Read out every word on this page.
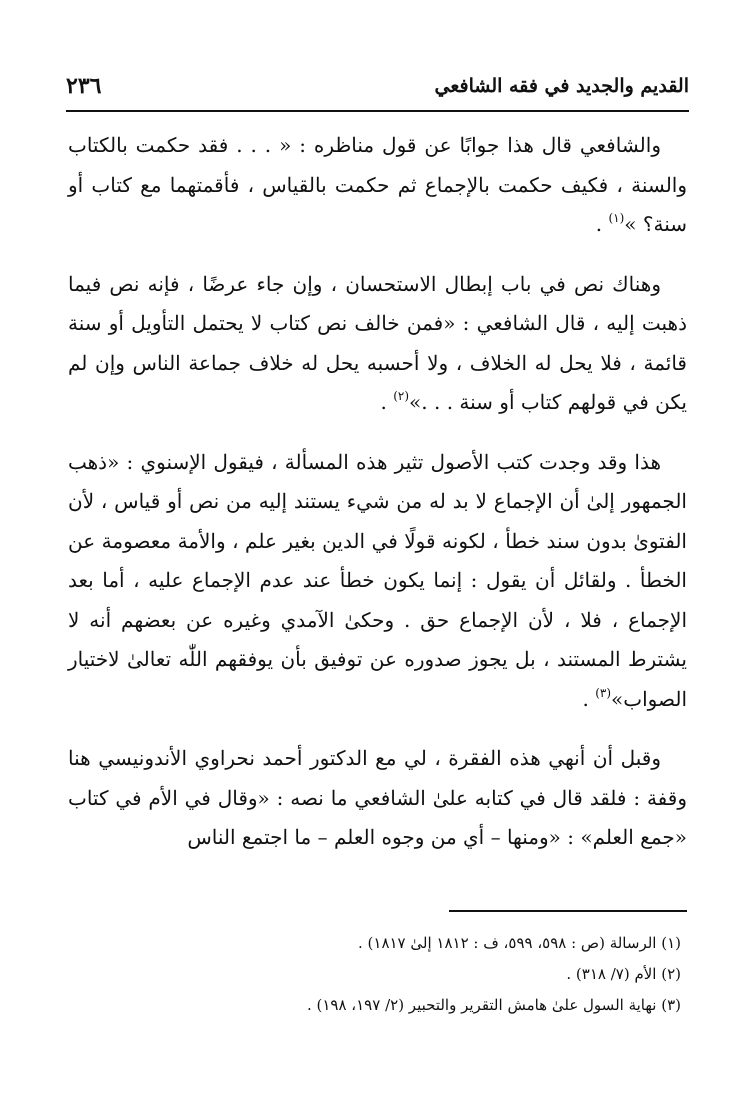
القديم والجديد في فقه الشافعي
٢٣٦

والشافعي قال هذا جوابًا عن قول مناظره : « . . . فقد حكمت بالكتاب والسنة ، فكيف حكمت بالإجماع ثم حكمت بالقياس ، فأقمتهما مع كتاب أو سنة؟ »$^{(١)}$ .

وهناك نص في باب إبطال الاستحسان ، وإن جاء عرضًا ، فإنه نص فيما ذهبت إليه ، قال الشافعي : «فمن خالف نص كتاب لا يحتمل التأويل أو سنة قائمة ، فلا يحل له الخلاف ، ولا أحسبه يحل له خلاف جماعة الناس وإن لم يكن في قولهم كتاب أو سنة . . .»$^{(٢)}$ .

هذا وقد وجدت كتب الأصول تثير هذه المسألة ، فيقول الإسنوي : «ذهب الجمهور إلىٰ أن الإجماع لا بد له من شيء يستند إليه من نص أو قياس ، لأن الفتوىٰ بدون سند خطأ ، لكونه قولًا في الدين بغير علم ، والأمة معصومة عن الخطأ . ولقائل أن يقول : إنما يكون خطأ عند عدم الإجماع عليه ، أما بعد الإجماع ، فلا ، لأن الإجماع حق . وحكىٰ الآمدي وغيره عن بعضهم أنه لا يشترط المستند ، بل يجوز صدوره عن توفيق بأن يوفقهم اللّٰه تعالىٰ لاختيار الصواب»$^{(٣)}$ .

وقبل أن أنهي هذه الفقرة ، لي مع الدكتور أحمد نحراوي الأندونيسي هنا وقفة : فلقد قال في كتابه علىٰ الشافعي ما نصه : «وقال في الأم في كتاب «جمع العلم» : «ومنها – أي من وجوه العلم – ما اجتمع الناس

(١) الرسالة (ص : ٥٩٨، ٥٩٩، ف : ١٨١٢ إلىٰ ١٨١٧) .

(٢) الأم (٧/ ٣١٨) .

(٣) نهاية السول علىٰ هامش التقرير والتحبير (٢/ ١٩٧، ١٩٨) .
